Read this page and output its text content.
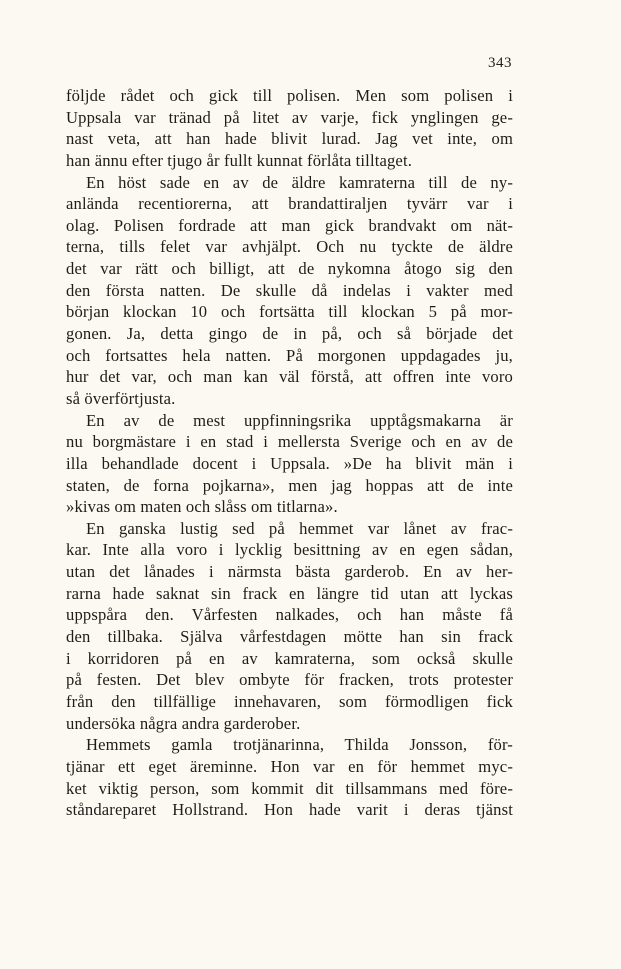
343
följde rådet och gick till polisen. Men som polisen i
Uppsala var tränad på litet av varje, fick ynglingen ge-
nast veta, att han hade blivit lurad. Jag vet inte, om
han ännu efter tjugo år fullt kunnat förlåta tilltaget.
En höst sade en av de äldre kamraterna till de ny-
anlända recentiorerna, att brandattiraljen tyvärr var i
olag. Polisen fordrade att man gick brandvakt om nät-
terna, tills felet var avhjälpt. Och nu tyckte de äldre
det var rätt och billigt, att de nykomna åtogo sig den
den första natten. De skulle då indelas i vakter med
början klockan 10 och fortsätta till klockan 5 på mor-
gonen. Ja, detta gingo de in på, och så började det
och fortsattes hela natten. På morgonen uppdagades ju,
hur det var, och man kan väl förstå, att offren inte voro
så överförtjusta.
En av de mest uppfinningsrika upptågsmakarna är
nu borgmästare i en stad i mellersta Sverige och en av de
illa behandlade docent i Uppsala. »De ha blivit män i
staten, de forna pojkarna», men jag hoppas att de inte
»kivas om maten och slåss om titlarna».
En ganska lustig sed på hemmet var lånet av frac-
kar. Inte alla voro i lycklig besittning av en egen sådan,
utan det lånades i närmsta bästa garderob. En av her-
rarna hade saknat sin frack en längre tid utan att lyckas
uppspåra den. Vårfesten nalkades, och han måste få
den tillbaka. Själva vårfestdagen mötte han sin frack
i korridoren på en av kamraterna, som också skulle
på festen. Det blev ombyte för fracken, trots protester
från den tillfällige innehavaren, som förmodligen fick
undersöka några andra garderober.
Hemmets gamla trotjänarinna, Thilda Jonsson, för-
tjänar ett eget äreminne. Hon var en för hemmet myc-
ket viktig person, som kommit dit tillsammans med före-
ståndareparet Hollstrand. Hon hade varit i deras tjänst
